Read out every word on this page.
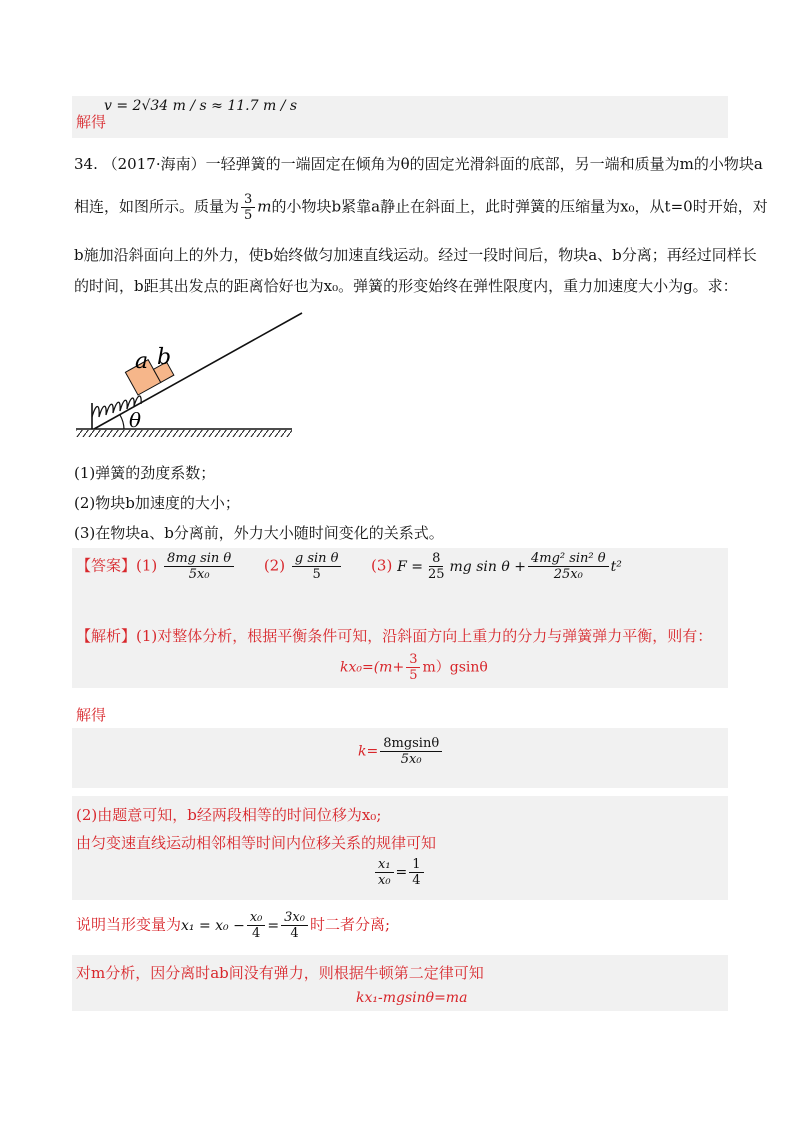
解得
v = 2√34 m / s ≈ 11.7 m / s
34. （2017·海南）一轻弹簧的一端固定在倾角为θ的固定光滑斜面的底部，另一端和质量为m的小物块a
相连，如图所示。质量为 $\frac{3}{5}$ m的小物块b紧靠a静止在斜面上，此时弹簧的压缩量为x₀，从t=0时开始，对
b施加沿斜面向上的外力，使b始终做匀加速直线运动。经过一段时间后，物块a、b分离；再经过同样长
的时间，b距其出发点的距离恰好也为x₀。弹簧的形变始终在弹性限度内，重力加速度大小为g。求：
a b
θ
(1)弹簧的劲度系数；
(2)物块b加速度的大小；
(3)在物块a、b分离前，外力大小随时间变化的关系式。
【答案】$(1) \frac{\text{8mg sin θ}}{\text{5x₀}} (2) \frac{\text{g sin θ}}{5} (3) F = \frac{8}{25}$ mg $\sin \theta + \frac{\text{4mg² sin² θ}}{\text{25x₀}} t^2$
【解析】(1)对整体分析，根据平衡条件可知，沿斜面方向上重力的分力与弹簧弹力平衡，则有：
$kx_0=(m+ \frac{3}{5} m)gsin\theta$
解得
$k= \frac{8mgsin\theta}{\text{5x₀}}$
(2)由题意可知，b经两段相等的时间位移为x₀;
由匀变速直线运动相邻相等时间内位移关系的规律可知
$\frac{\text{x₁}}{\text{x₀}} = \frac{1}{4}$
说明当形变量为$x_1 = x_0 - \frac{\text{x₀}}{4} = \frac{\text{3x₀}}{4}$ 时二者分离;
对m分析，因分离时ab间没有弹力，则根据牛顿第二定律可知
kx₁-mgsinθ=ma
